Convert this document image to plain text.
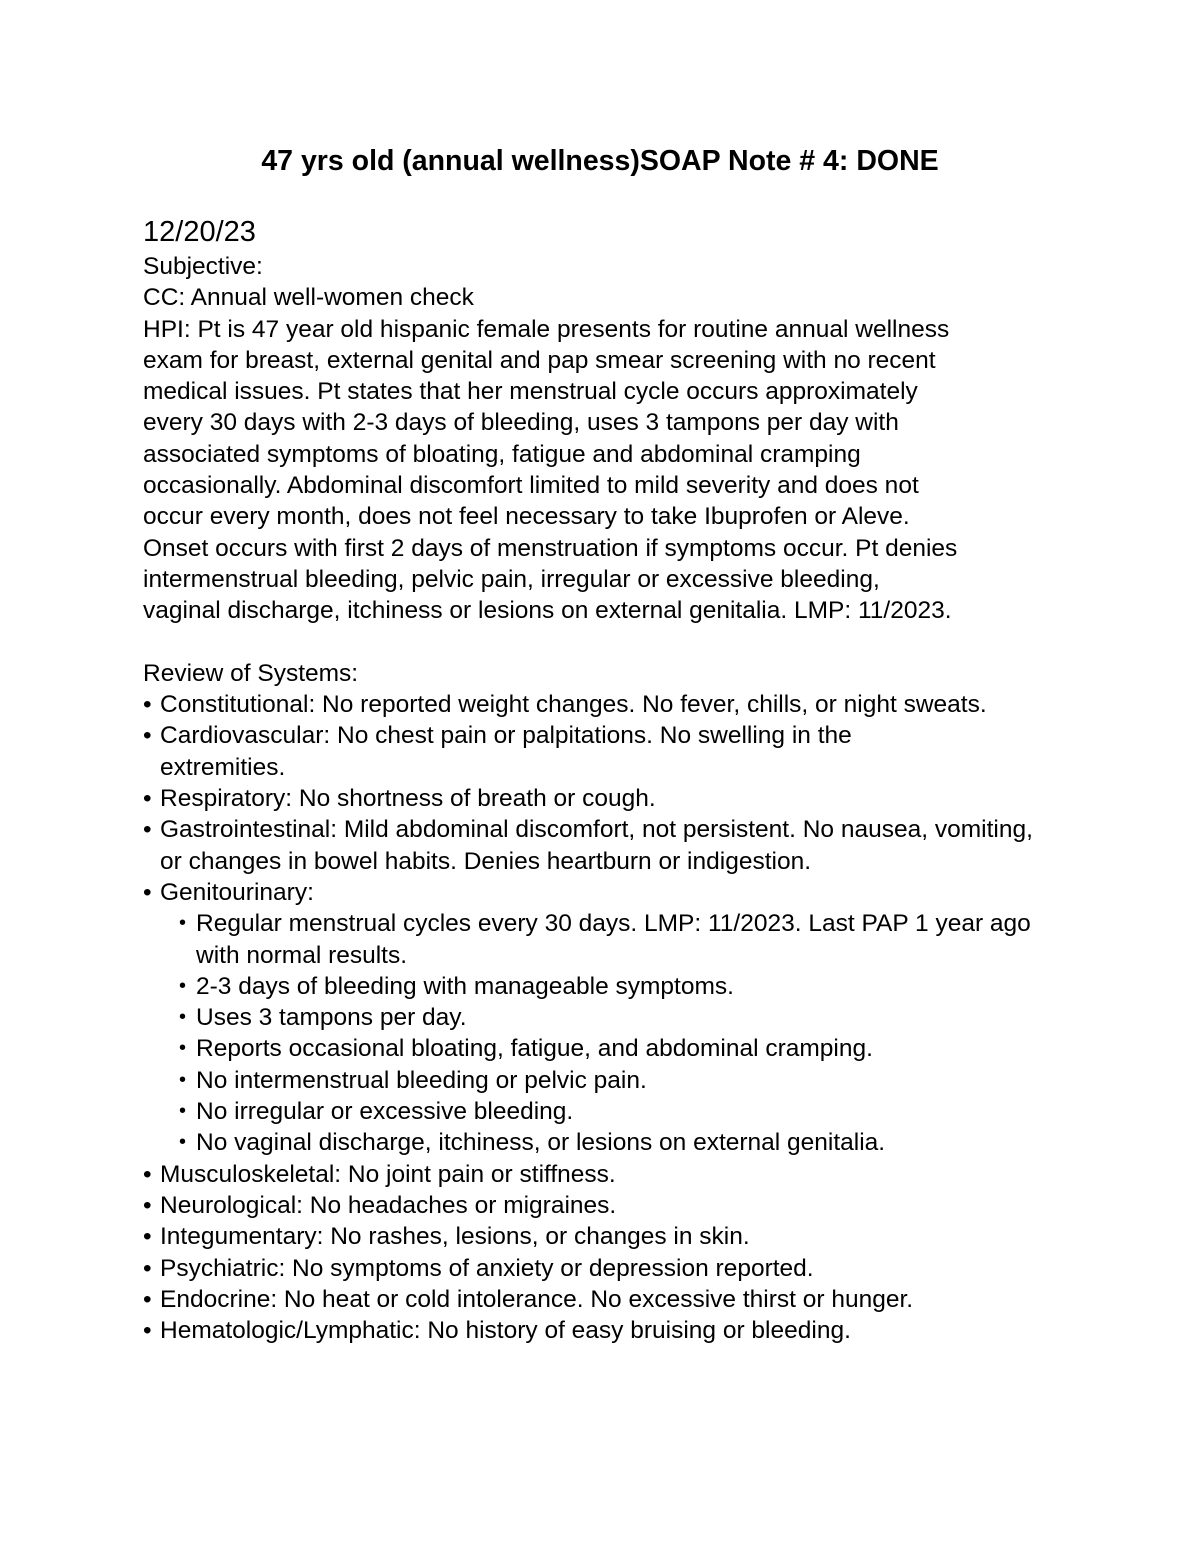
47 yrs old (annual wellness)SOAP Note # 4: DONE

12/20/23

Subjective:

CC: Annual well-women check

HPI: Pt is 47 year old hispanic female presents for routine annual wellness

exam for breast, external genital and pap smear screening with no recent

medical issues. Pt states that her menstrual cycle occurs approximately

every 30 days with 2-3 days of bleeding, uses 3 tampons per day with

associated symptoms of bloating, fatigue and abdominal cramping

occasionally. Abdominal discomfort limited to mild severity and does not

occur every month, does not feel necessary to take Ibuprofen or Aleve.

Onset occurs with first 2 days of menstruation if symptoms occur. Pt denies

intermenstrual bleeding, pelvic pain, irregular or excessive bleeding,

vaginal discharge, itchiness or lesions on external genitalia. LMP: 11/2023.

Review of Systems:

• Constitutional: No reported weight changes. No fever, chills, or night sweats.
• Cardiovascular: No chest pain or palpitations. No swelling in the extremities.
• Respiratory: No shortness of breath or cough.
• Gastrointestinal: Mild abdominal discomfort, not persistent. No nausea, vomiting, or changes in bowel habits. Denies heartburn or indigestion.
• Genitourinary:
• Regular menstrual cycles every 30 days. LMP: 11/2023. Last PAP 1 year ago with normal results.
• 2-3 days of bleeding with manageable symptoms.
• Uses 3 tampons per day.
• Reports occasional bloating, fatigue, and abdominal cramping.
• No intermenstrual bleeding or pelvic pain.
• No irregular or excessive bleeding.
• No vaginal discharge, itchiness, or lesions on external genitalia.
• Musculoskeletal: No joint pain or stiffness.
• Neurological: No headaches or migraines.
• Integumentary: No rashes, lesions, or changes in skin.
• Psychiatric: No symptoms of anxiety or depression reported.
• Endocrine: No heat or cold intolerance. No excessive thirst or hunger.
• Hematologic/Lymphatic: No history of easy bruising or bleeding.
